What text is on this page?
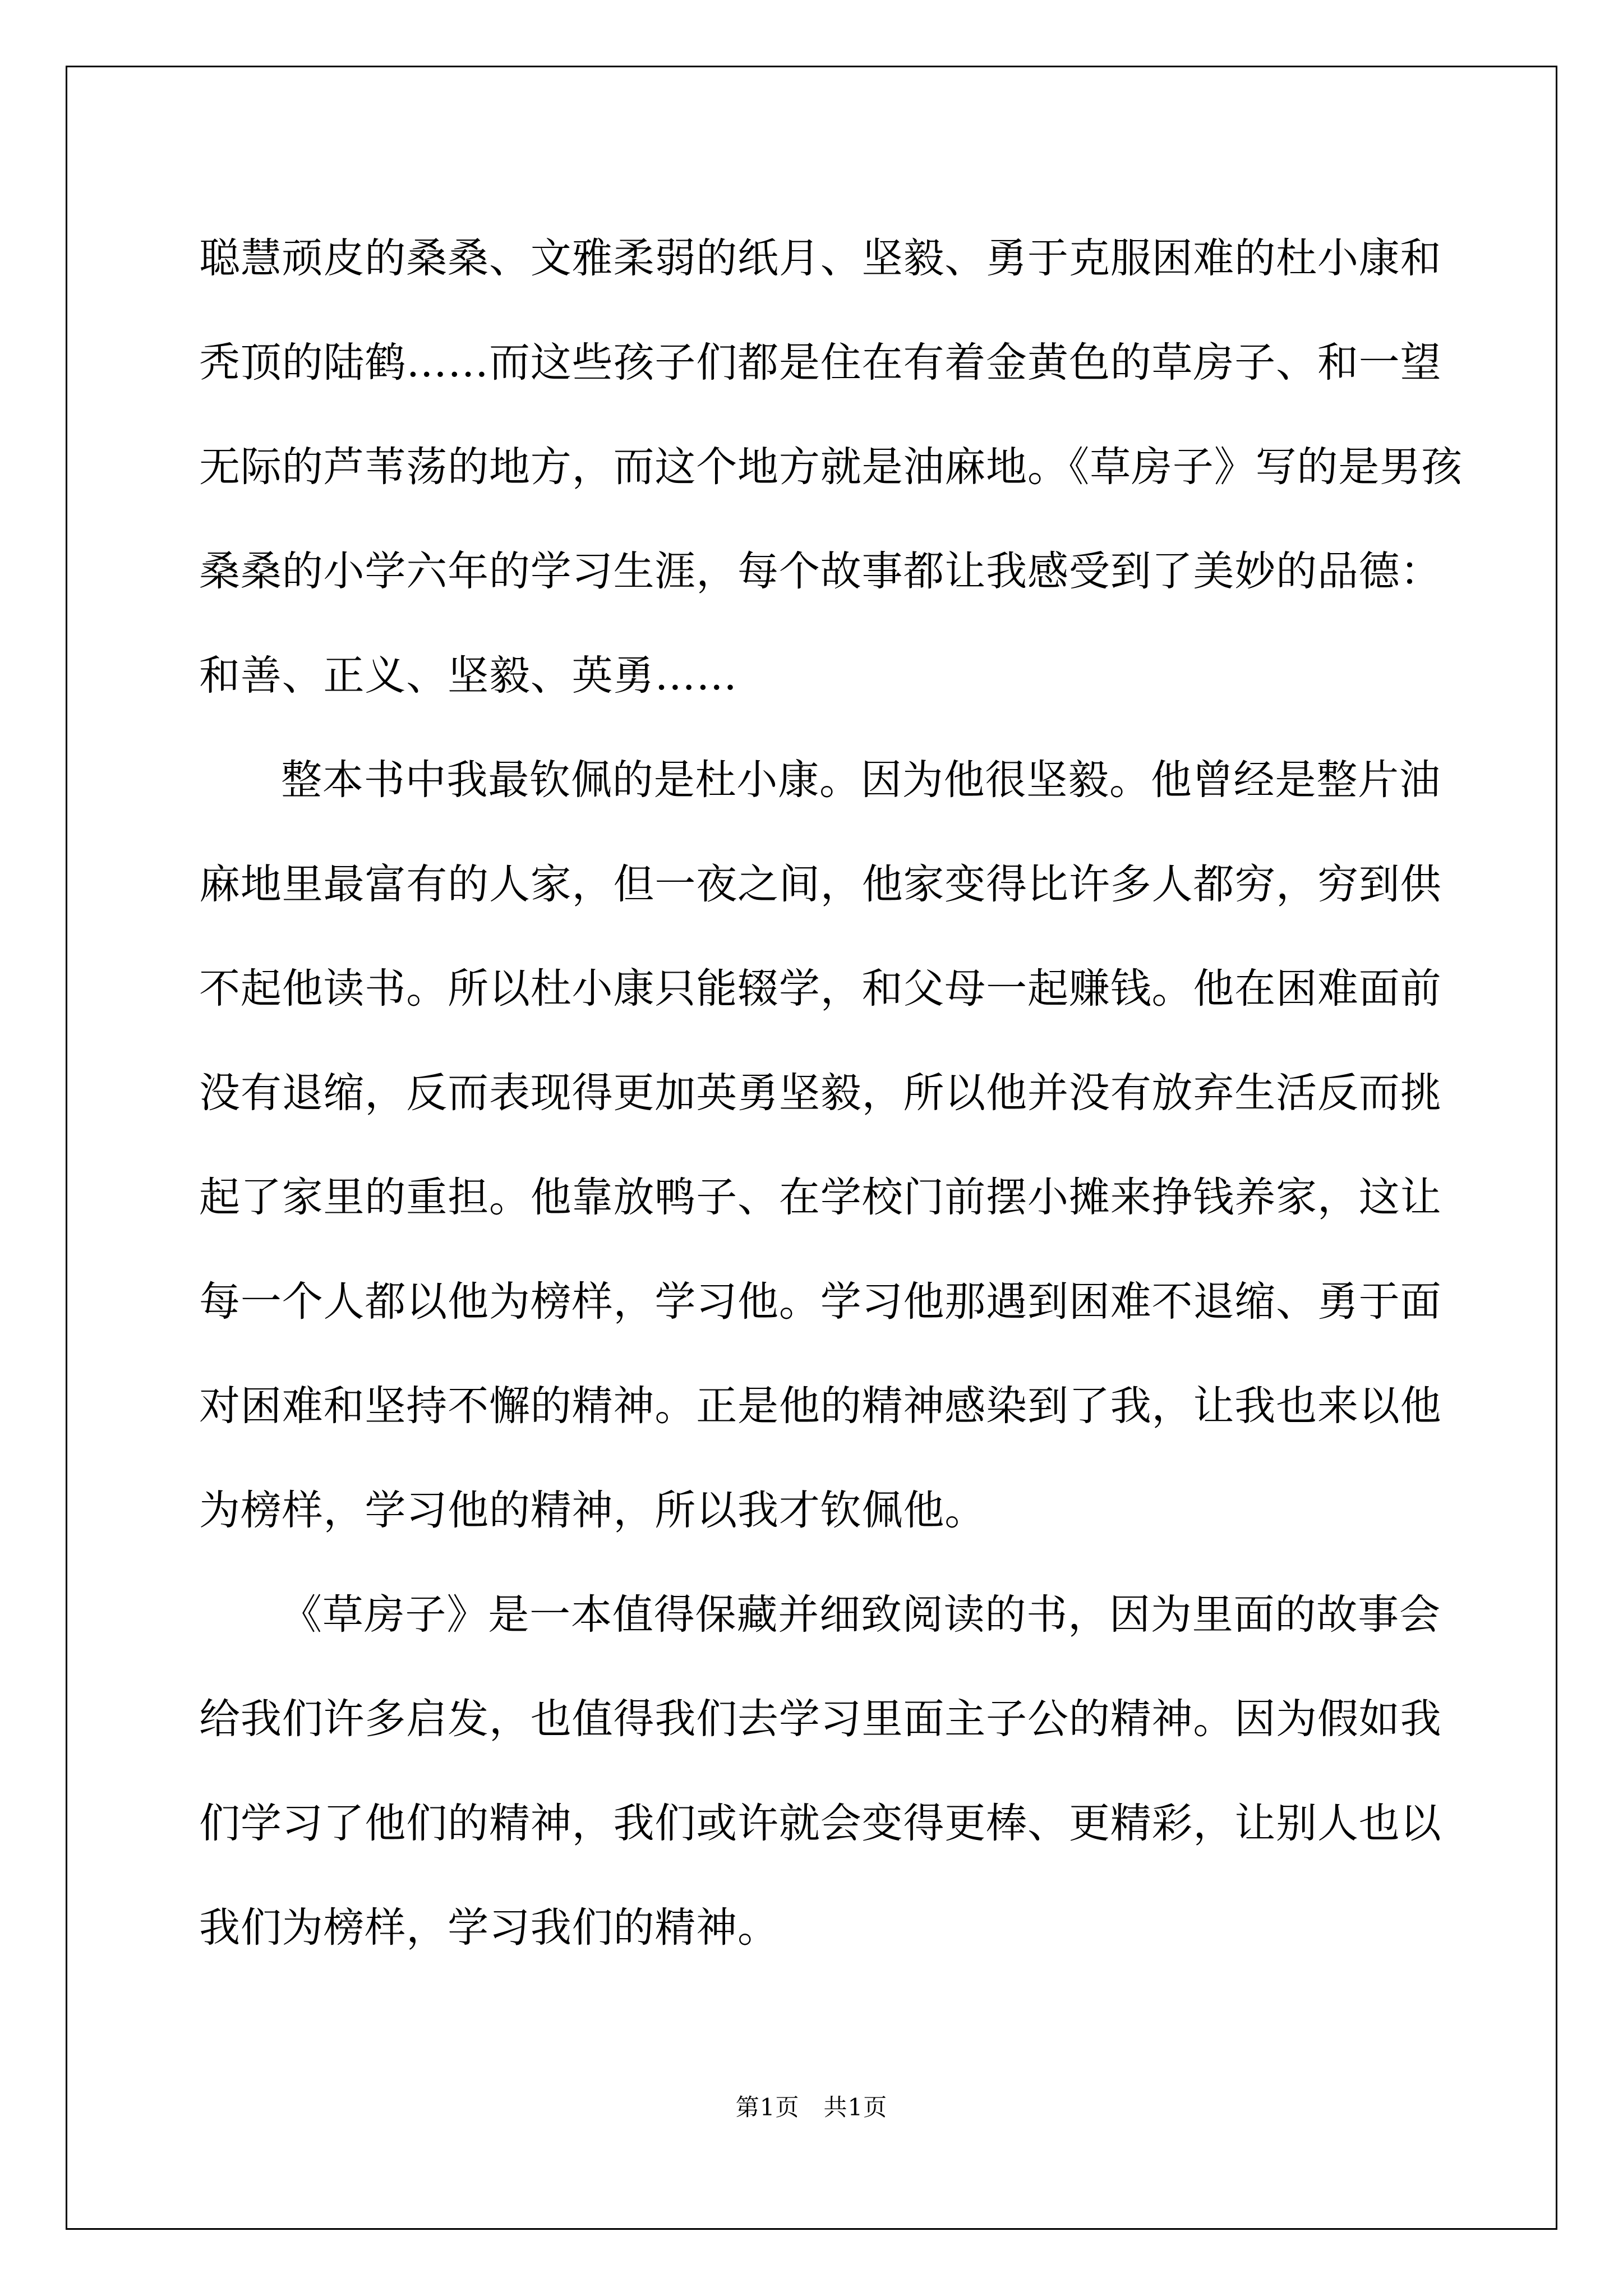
聪慧顽皮的桑桑、文雅柔弱的纸月、坚毅、勇于克服困难的杜小康和
秃顶的陆鹤……而这些孩子们都是住在有着金黄色的草房子、和一望
无际的芦苇荡的地方，而这个地方就是油麻地。《草房子》写的是男孩
桑桑的小学六年的学习生涯，每个故事都让我感受到了美妙的品德：
和善、正义、坚毅、英勇……
整本书中我最钦佩的是杜小康。因为他很坚毅。他曾经是整片油
麻地里最富有的人家，但一夜之间，他家变得比许多人都穷，穷到供
不起他读书。所以杜小康只能辍学，和父母一起赚钱。他在困难面前
没有退缩，反而表现得更加英勇坚毅，所以他并没有放弃生活反而挑
起了家里的重担。他靠放鸭子、在学校门前摆小摊来挣钱养家，这让
每一个人都以他为榜样，学习他。学习他那遇到困难不退缩、勇于面
对困难和坚持不懈的精神。正是他的精神感染到了我，让我也来以他
为榜样，学习他的精神，所以我才钦佩他。
《草房子》是一本值得保藏并细致阅读的书，因为里面的故事会
给我们许多启发，也值得我们去学习里面主子公的精神。因为假如我
们学习了他们的精神，我们或许就会变得更棒、更精彩，让别人也以
我们为榜样，学习我们的精神。
第1页　共1页
